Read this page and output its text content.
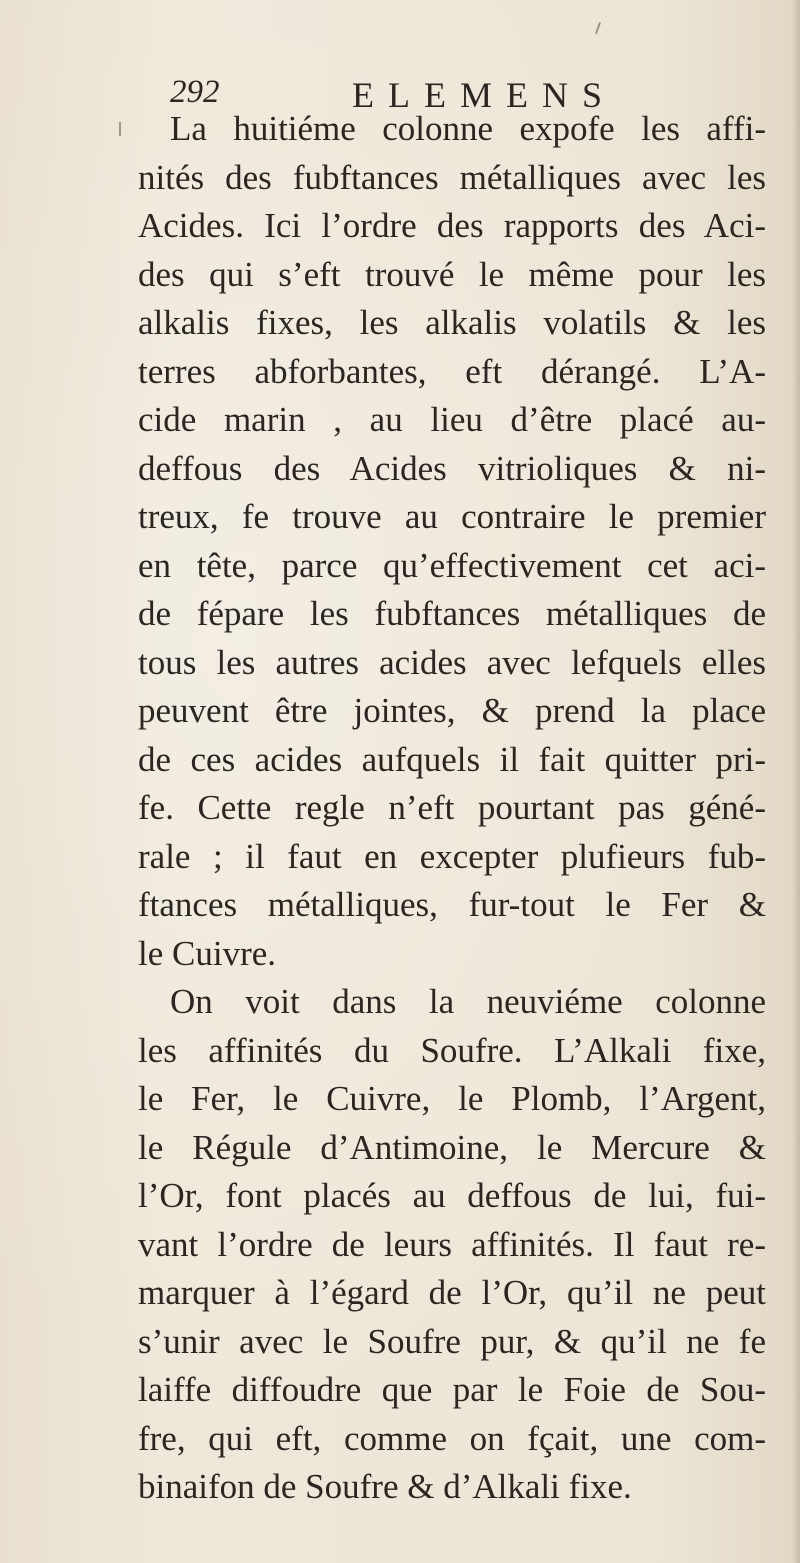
292	ELEMENS
La huitiéme colonne expofe les affi-
nités des fubftances métalliques avec les
Acides. Ici l’ordre des rapports des Aci-
des qui s’eft trouvé le même pour les
alkalis fixes, les alkalis volatils & les
terres abforbantes, eft dérangé. L’A-
cide marin , au lieu d’être placé au-
deffous des Acides vitrioliques & ni-
treux, fe trouve au contraire le premier
en tête, parce qu’effectivement cet aci-
de fépare les fubftances métalliques de
tous les autres acides avec lefquels elles
peuvent être jointes, & prend la place
de ces acides aufquels il fait quitter pri-
fe. Cette regle n’eft pourtant pas géné-
rale ; il faut en excepter plufieurs fub-
ftances métalliques, fur-tout le Fer &
le Cuivre.
On voit dans la neuviéme colonne
les affinités du Soufre. L’Alkali fixe,
le Fer, le Cuivre, le Plomb, l’Argent,
le Régule d’Antimoine, le Mercure &
l’Or, font placés au deffous de lui, fui-
vant l’ordre de leurs affinités. Il faut re-
marquer à l’égard de l’Or, qu’il ne peut
s’unir avec le Soufre pur, & qu’il ne fe
laiffe diffoudre que par le Foie de Sou-
fre, qui eft, comme on fçait, une com-
binaifon de Soufre & d’Alkali fixe.
